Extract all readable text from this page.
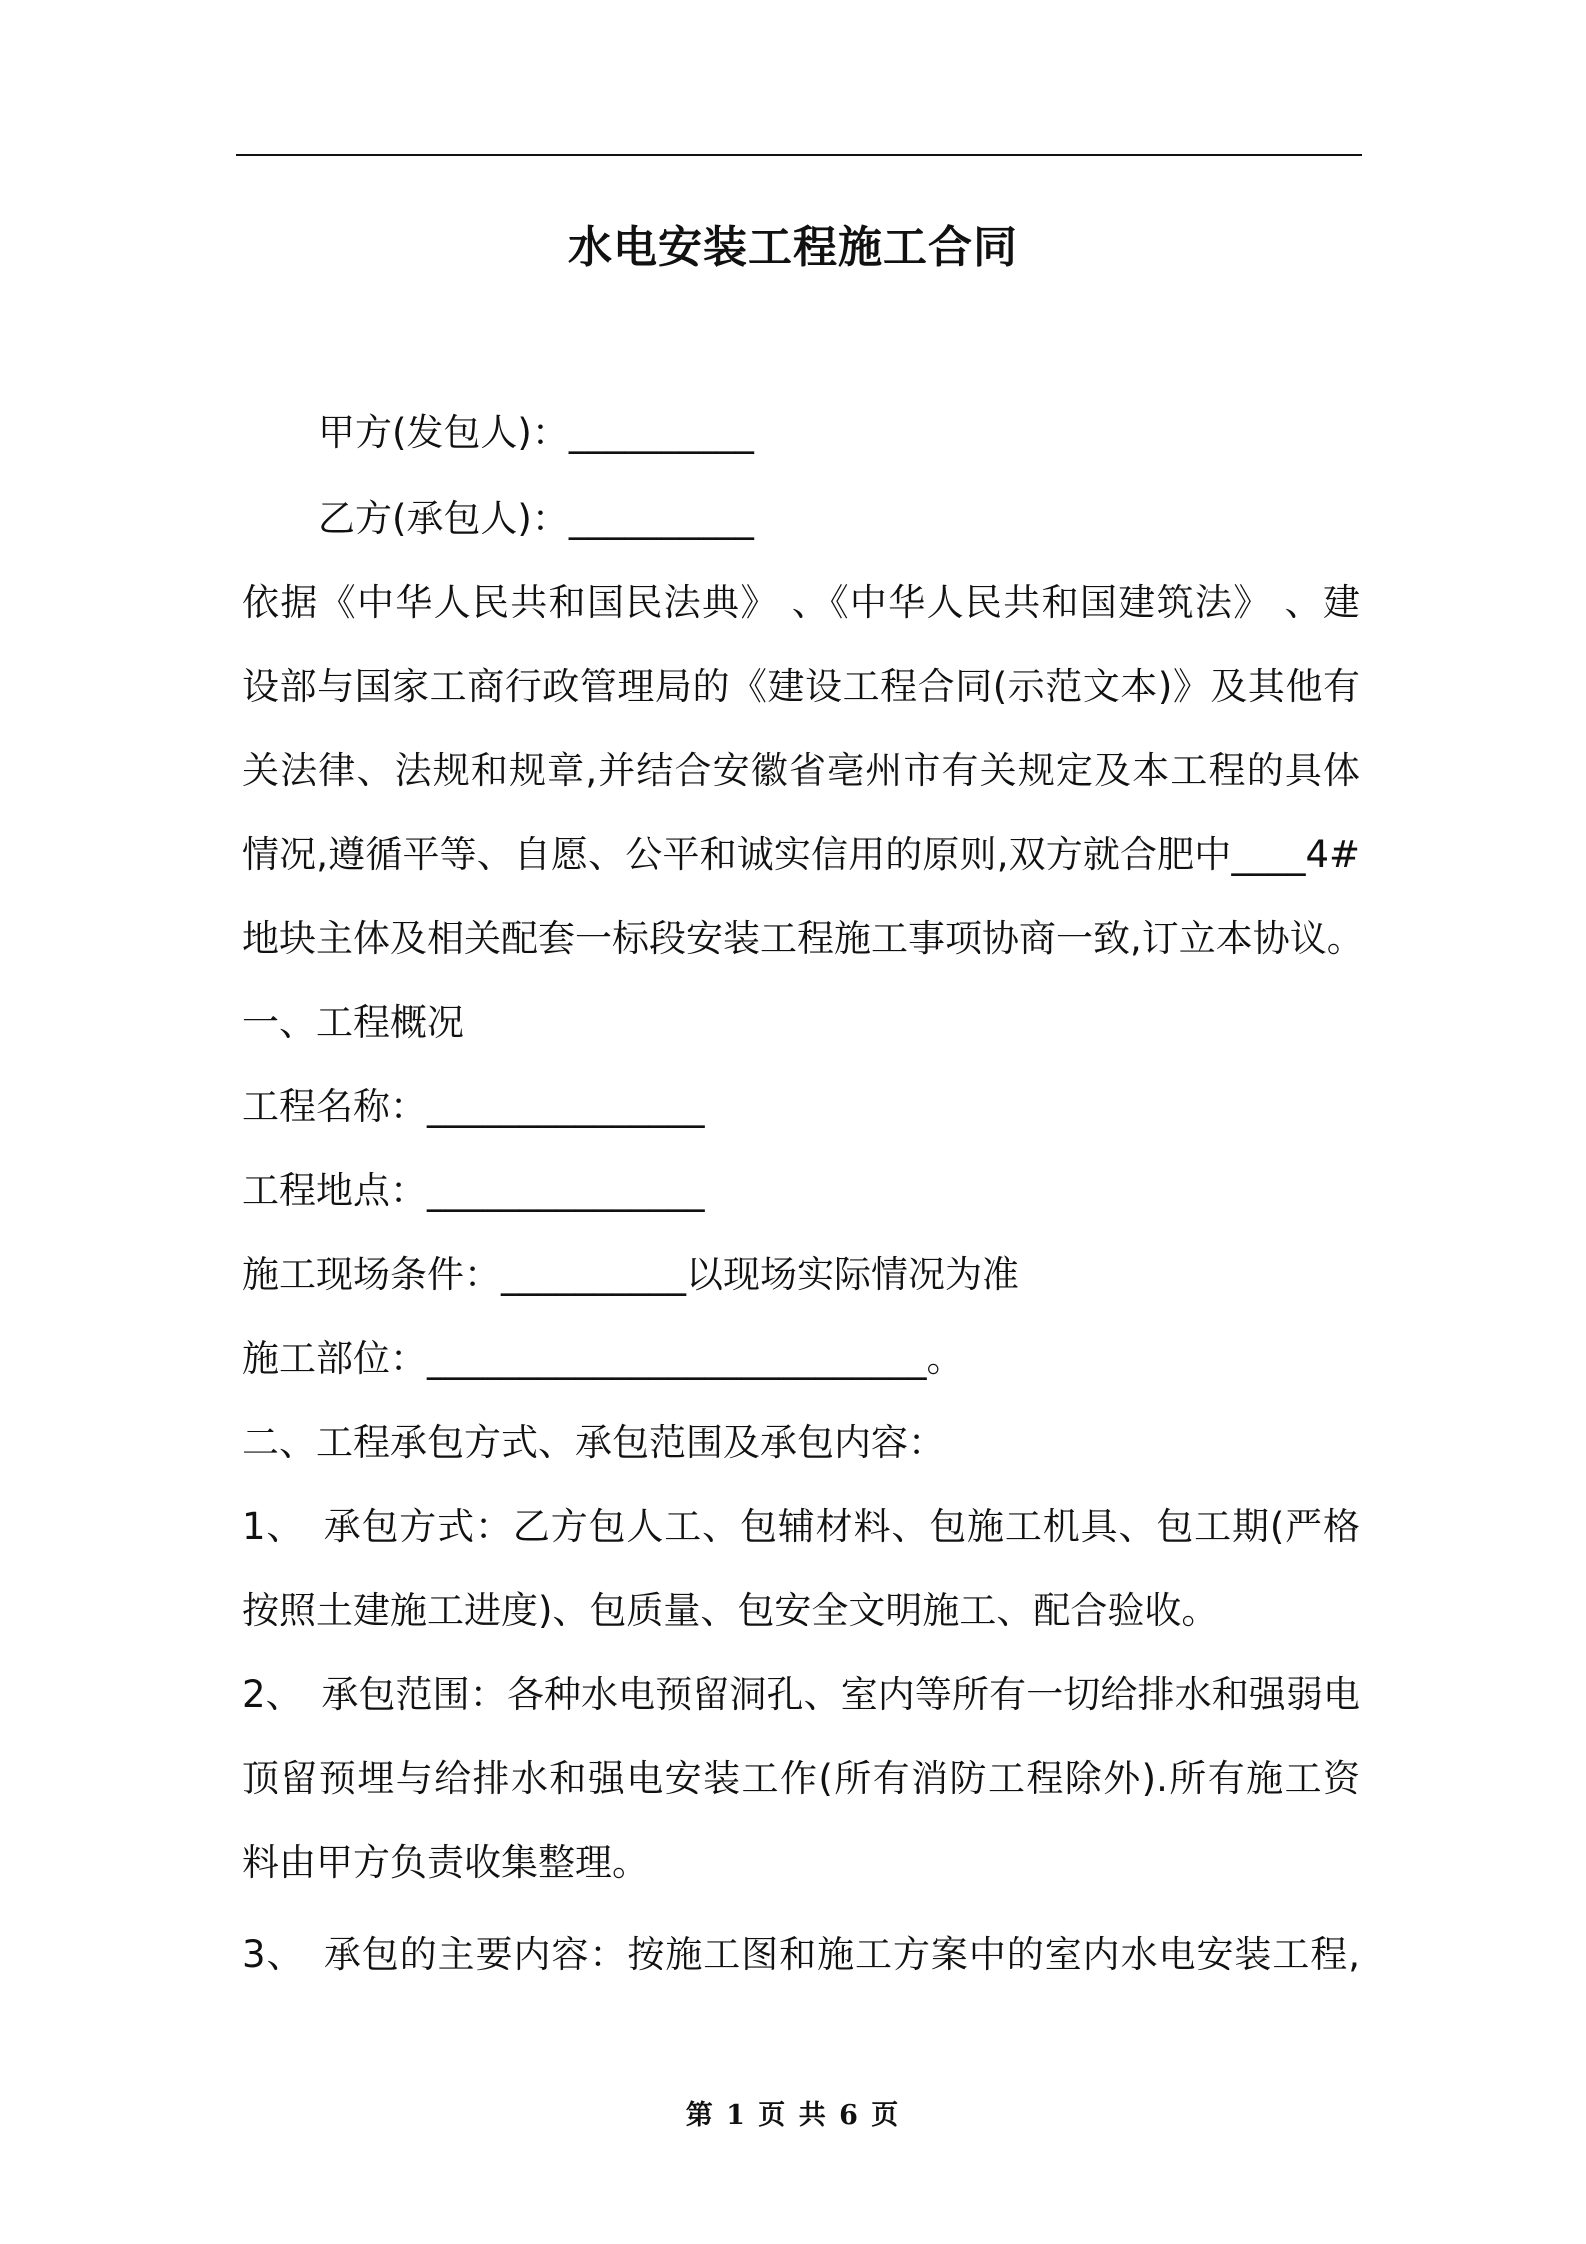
水电安装工程施工合同
甲方(发包人)：__________
乙方(承包人)：__________
依据《中华人民共和国民法典》 、《中华人民共和国建筑法》 、建
设部与国家工商行政管理局的《建设工程合同(示范文本)》及其他有
关法律、法规和规章,并结合安徽省亳州市有关规定及本工程的具体
情况,遵循平等、自愿、公平和诚实信用的原则,双方就合肥中____4#
地块主体及相关配套一标段安装工程施工事项协商一致,订立本协议。
一、工程概况
工程名称：_______________
工程地点：_______________
施工现场条件：__________以现场实际情况为准
施工部位：___________________________。
二、工程承包方式、承包范围及承包内容：
1、　承包方式：乙方包人工、包辅材料、包施工机具、包工期(严格
按照土建施工进度)、包质量、包安全文明施工、配合验收。
2、　承包范围：各种水电预留洞孔、室内等所有一切给排水和强弱电
顶留预埋与给排水和强电安装工作(所有消防工程除外).所有施工资
料由甲方负责收集整理。
3、　承包的主要内容：按施工图和施工方案中的室内水电安装工程,
第 1 页 共 6 页
